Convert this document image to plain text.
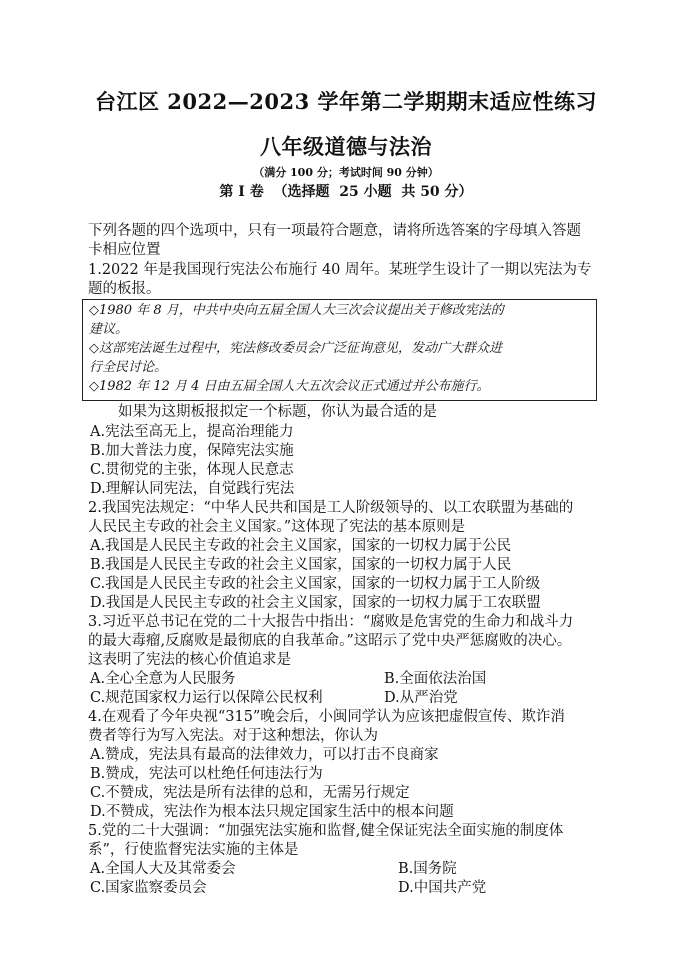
台江区 2022—2023 学年第二学期期末适应性练习
八年级道德与法治
（满分 100 分；考试时间 90 分钟）
第 I 卷  （选择题  25 小题  共 50 分）
下列各题的四个选项中，只有一项最符合题意，请将所选答案的字母填入答题
卡相应位置
1.2022 年是我国现行宪法公布施行 40 周年。某班学生设计了一期以宪法为专
题的板报。
◇1980 年 8 月，中共中央向五届全国人大三次会议提出关于修改宪法的
建议。
◇这部宪法诞生过程中，宪法修改委员会广泛征询意见，发动广大群众进
行全民讨论。
◇1982 年 12 月 4 日由五届全国人大五次会议正式通过并公布施行。
如果为这期板报拟定一个标题，你认为最合适的是
A.宪法至高无上，提高治理能力
B.加大普法力度，保障宪法实施
C.贯彻党的主张，体现人民意志
D.理解认同宪法，自觉践行宪法
2.我国宪法规定：“中华人民共和国是工人阶级领导的、以工农联盟为基础的
人民民主专政的社会主义国家。”这体现了宪法的基本原则是
A.我国是人民民主专政的社会主义国家，国家的一切权力属于公民
B.我国是人民民主专政的社会主义国家，国家的一切权力属于人民
C.我国是人民民主专政的社会主义国家，国家的一切权力属于工人阶级
D.我国是人民民主专政的社会主义国家，国家的一切权力属于工农联盟
3.习近平总书记在党的二十大报告中指出：“腐败是危害党的生命力和战斗力
的最大毒瘤,反腐败是最彻底的自我革命。”这昭示了党中央严惩腐败的决心。
这表明了宪法的核心价值追求是
A.全心全意为人民服务	B.全面依法治国
C.规范国家权力运行以保障公民权利	D.从严治党
4.在观看了今年央视“315”晚会后，小闽同学认为应该把虚假宣传、欺诈消
费者等行为写入宪法。对于这种想法，你认为
A.赞成，宪法具有最高的法律效力，可以打击不良商家
B.赞成，宪法可以杜绝任何违法行为
C.不赞成，宪法是所有法律的总和，无需另行规定
D.不赞成，宪法作为根本法只规定国家生活中的根本问题
5.党的二十大强调：“加强宪法实施和监督,健全保证宪法全面实施的制度体
系”，行使监督宪法实施的主体是
A.全国人大及其常委会	B.国务院
C.国家监察委员会	D.中国共产党
